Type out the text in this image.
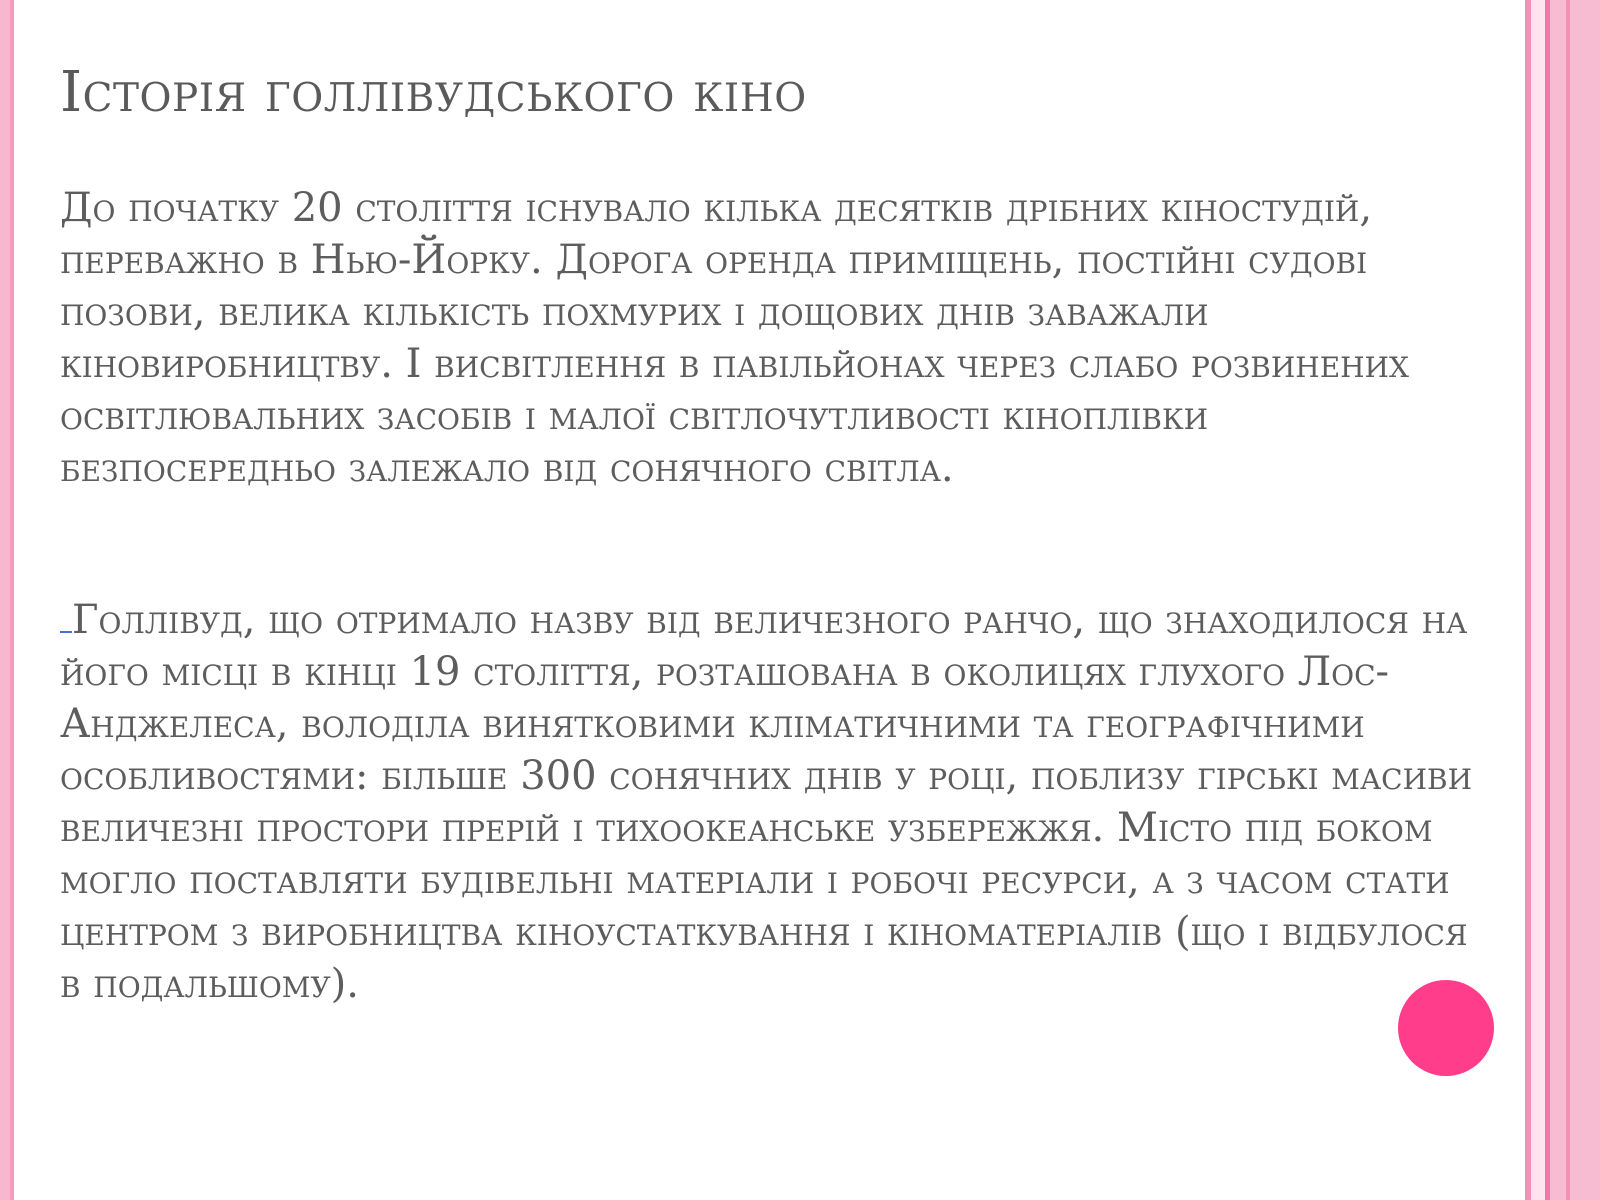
Історія голлівудського кіно

До початку 20 століття існувало кілька десятків дрібних кіностудій, переважно в Нью-Йорку. Дорога оренда приміщень, постійні судові позови, велика кількість похмурих і дощових днів заважали кіновиробництву. І висвітлення в павільйонах через слабо розвинених освітлювальних засобів і малої світлочутливості кіноплівки безпосередньо залежало від сонячного світла.

Голлівуд, що отримало назву від величезного ранчо, що знаходилося на його місці в кінці 19 століття, розташована в околицях глухого Лос-Анджелеса, володіла винятковими кліматичними та географічними особливостями: більше 300 сонячних днів у році, поблизу гірські масиви величезні простори прерій і тихоокеанське узбережжя. Місто під боком могло поставляти будівельні матеріали і робочі ресурси, а з часом стати центром з виробництва кіноустаткування і кіноматеріалів (що і відбулося в подальшому).
